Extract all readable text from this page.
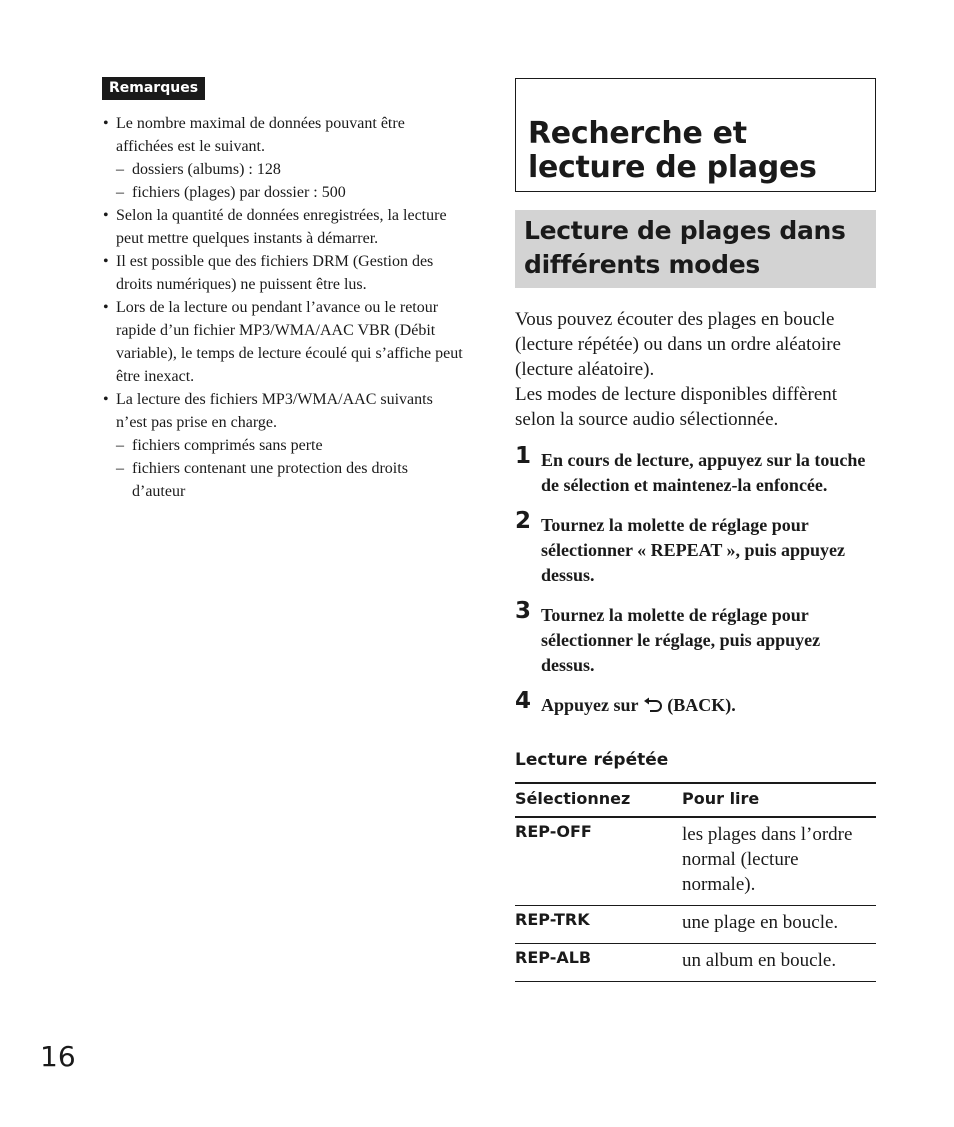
Remarques
• Le nombre maximal de données pouvant être affichées est le suivant.
– dossiers (albums) : 128
– fichiers (plages) par dossier : 500
• Selon la quantité de données enregistrées, la lecture peut mettre quelques instants à démarrer.
• Il est possible que des fichiers DRM (Gestion des droits numériques) ne puissent être lus.
• Lors de la lecture ou pendant l’avance ou le retour rapide d’un fichier MP3/WMA/AAC VBR (Débit variable), le temps de lecture écoulé qui s’affiche peut être inexact.
• La lecture des fichiers MP3/WMA/AAC suivants n’est pas prise en charge.
– fichiers comprimés sans perte
– fichiers contenant une protection des droits d’auteur
Recherche et lecture de plages
Lecture de plages dans différents modes

Vous pouvez écouter des plages en boucle (lecture répétée) ou dans un ordre aléatoire (lecture aléatoire).

Les modes de lecture disponibles diffèrent selon la source audio sélectionnée.

1 En cours de lecture, appuyez sur la touche de sélection et maintenez-la enfoncée.
2 Tournez la molette de réglage pour sélectionner « REPEAT », puis appuyez dessus.
3 Tournez la molette de réglage pour sélectionner le réglage, puis appuyez dessus.
4 Appuyez sur  (BACK).
Lecture répétée
Sélectionnez	Pour lire
REP-OFF	les plages dans l’ordre normal (lecture normale).
REP-TRK	une plage en boucle.
REP-ALB	un album en boucle.
16
